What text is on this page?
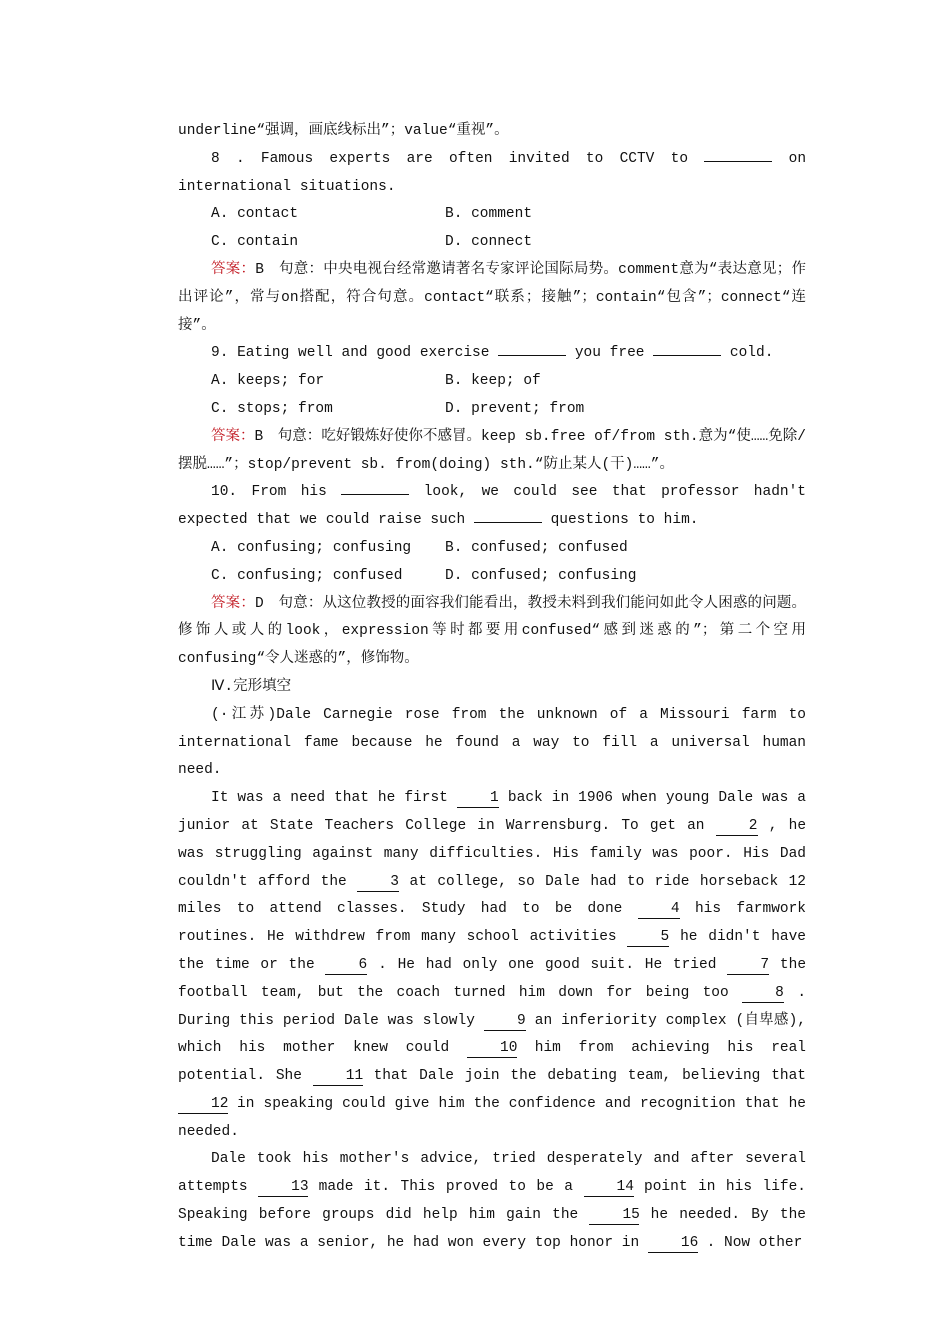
underline“强调，画底线标出”；value“重视”。
8 . Famous experts are often invited to CCTV to	on
international situations.
A. contact	B. comment
C. contain	D. connect
答案：B　句意：中央电视台经常邀请著名专家评论国际局势。comment意为“表达意见；作出评论”，常与on搭配，符合句意。contact“联系；接触”；contain“包含”；connect“连接”。
9. Eating well and good exercise	you free	cold.
A. keeps; for	B. keep; of
C. stops; from	D. prevent; from
答案：B　句意：吃好锻炼好使你不感冒。keep sb.free of/from sth.意为“使……免除/摆脱……”；stop/prevent sb. from(doing) sth.“防止某人(干)……”。
10. From his	look, we could see that professor hadn't expected that we could raise such	questions to him.
A. confusing; confusing	B. confused; confused
C. confusing; confused	D. confused; confusing
答案：D　句意：从这位教授的面容我们能看出，教授未料到我们能问如此令人困惑的问题。修饰人或人的look，expression等时都要用confused“感到迷惑的”；第二个空用confusing“令人迷惑的”，修饰物。
Ⅳ.完形填空
(·江苏)Dale Carnegie rose from the unknown of a Missouri farm to international fame because he found a way to fill a universal human need.
It was a need that he first	1 back in 1906 when young Dale was a junior at State Teachers College in Warrensburg. To get an	2 , he was struggling against many difficulties. His family was poor. His Dad couldn't afford the	3 at college, so Dale had to ride horseback 12 miles to attend classes. Study had to be done	4 his farmwork routines. He withdrew from many school activities	5 he didn't have the time or the	6 . He had only one good suit. He tried	7 the football team, but the coach turned him down for being too	8 . During this period Dale was slowly	9 an inferiority complex (自卑感), which his mother knew could	10 him from achieving his real potential. She	11 that Dale join the debating team, believing that 12 in speaking could give him the confidence and recognition that he needed.
Dale took his mother's advice, tried desperately and after several attempts	13 made it. This proved to be a	14 point in his life. Speaking before groups did help him gain the	15 he needed. By the time Dale was a senior, he had won every top honor in	16 . Now other
